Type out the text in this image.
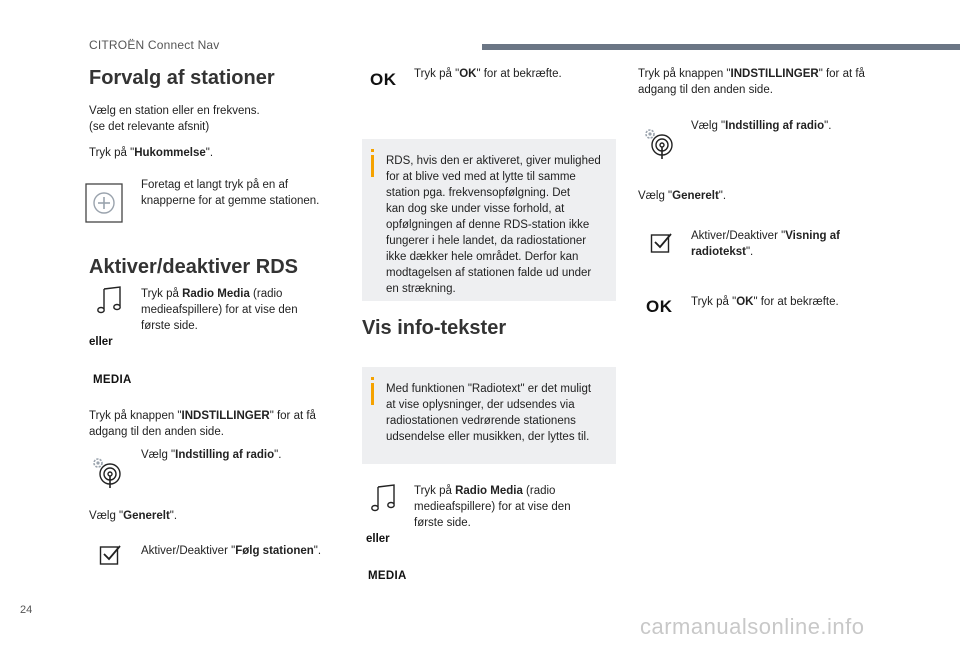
CITROËN Connect Nav
Forvalg af stationer
Vælg en station eller en frekvens.
(se det relevante afsnit)
Tryk på "Hukommelse".
Foretag et langt tryk på en af
knapperne for at gemme stationen.
Aktiver/deaktiver RDS
Tryk på Radio Media (radio
medieafspillere) for at vise den
første side.
eller
MEDIA
Tryk på knappen "INDSTILLINGER" for at få
adgang til den anden side.
Vælg "Indstilling af radio".
Vælg "Generelt".
Aktiver/Deaktiver "Følg stationen".
OK Tryk på "OK" for at bekræfte.
RDS, hvis den er aktiveret, giver mulighed
for at blive ved med at lytte til samme
station pga. frekvensopfølgning. Det
kan dog ske under visse forhold, at
opfølgningen af denne RDS-station ikke
fungerer i hele landet, da radiostationer
ikke dækker hele området. Derfor kan
modtagelsen af stationen falde ud under
en strækning.
Vis info-tekster
Med funktionen "Radiotext" er det muligt
at vise oplysninger, der udsendes via
radiostationen vedrørende stationens
udsendelse eller musikken, der lyttes til.
Tryk på Radio Media (radio
medieafspillere) for at vise den
første side.
eller
MEDIA
Tryk på knappen "INDSTILLINGER" for at få
adgang til den anden side.
Vælg "Indstilling af radio".
Vælg "Generelt".
Aktiver/Deaktiver "Visning af
radiotekst".
OK Tryk på "OK" for at bekræfte.
24
carmanualsonline.info
